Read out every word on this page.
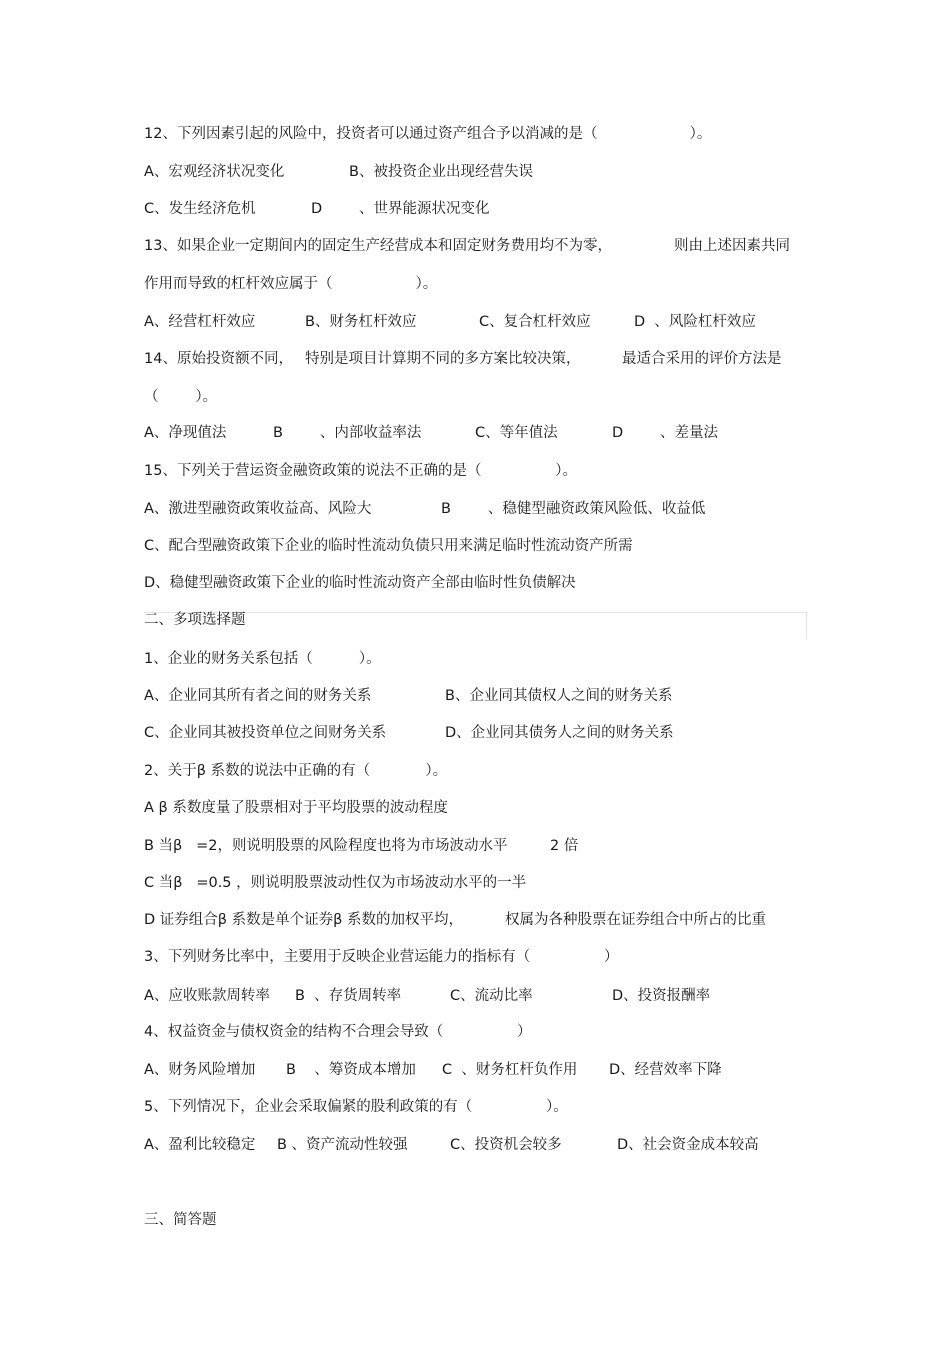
12、下列因素引起的风险中，投资者可以通过资产组合予以消减的是（                    ）。
A、宏观经济状况变化	B、被投资企业出现经营失误
C、发生经济危机	D        、世界能源状况变化
13、如果企业一定期间内的固定生产经营成本和固定财务费用均不为零，	则由上述因素共同
作用而导致的杠杆效应属于（                  ）。
A、经营杠杆效应	B、财务杠杆效应	C、复合杠杆效应	D  、风险杠杆效应
14、原始投资额不同， 特别是项目计算期不同的多方案比较决策，	最适合采用的评价方法是
（        ）。
A、净现值法	B        、内部收益率法	C、等年值法	D        、差量法
15、下列关于营运资金融资政策的说法不正确的是（                ）。
A、激进型融资政策收益高、风险大	B        、稳健型融资政策风险低、收益低
C、配合型融资政策下企业的临时性流动负债只用来满足临时性流动资产所需
D、稳健型融资政策下企业的临时性流动资产全部由临时性负债解决
二、多项选择题
1、企业的财务关系包括（          ）。
A、企业同其所有者之间的财务关系	B、企业同其债权人之间的财务关系
C、企业同其被投资单位之间财务关系	D、企业同其债务人之间的财务关系
2、关于β 系数的说法中正确的有（            ）。
A β 系数度量了股票相对于平均股票的波动程度
B 当β   =2，则说明股票的风险程度也将为市场波动水平	2 倍
C 当β   =0.5 ，则说明股票波动性仅为市场波动水平的一半
D 证券组合β 系数是单个证券β 系数的加权平均，	权属为各种股票在证券组合中所占的比重
3、下列财务比率中，主要用于反映企业营运能力的指标有（                ）
A、应收账款周转率 B  、存货周转率	C、流动比率	D、投资报酬率
4、权益资金与债权资金的结构不合理会导致（                ）
A、财务风险增加 B    、筹资成本增加 C  、财务杠杆负作用 D、经营效率下降
5、下列情况下，企业会采取偏紧的股利政策的有（                ）。
A、盈利比较稳定 B 、资产流动性较强	C、投资机会较多	D、社会资金成本较高
三、简答题
